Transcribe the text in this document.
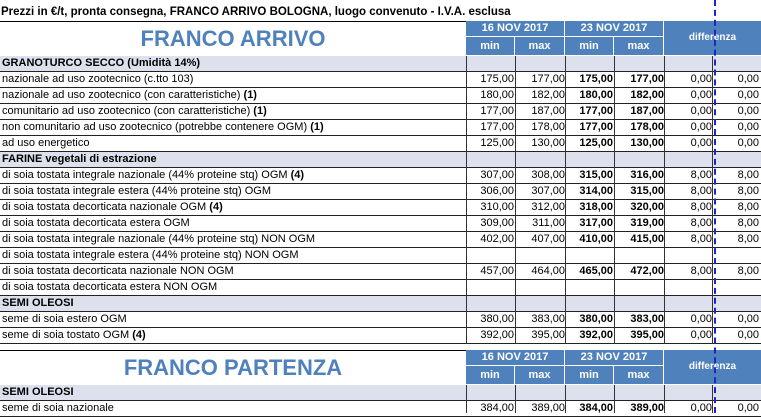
Prezzi in €/t, pronta consegna, FRANCO ARRIVO BOLOGNA, luogo convenuto - I.V.A. esclusa
FRANCO ARRIVO	16 NOV 2017	23 NOV 2017
differenza
min	max	min	max
GRANOTURCO SECCO (Umidità 14%)
nazionale ad uso zootecnico (c.tto 103)	175,00	177,00	175,00	177,00	0,00	0,00
nazionale ad uso zootecnico (con caratteristiche) (1)	180,00	182,00	180,00	182,00	0,00	0,00
comunitario ad uso zootecnico (con caratteristiche) (1)	177,00	187,00	177,00	187,00	0,00	0,00
non comunitario ad uso zootecnico (potrebbe contenere OGM) (1)	177,00	178,00	177,00	178,00	0,00	0,00
ad uso energetico	125,00	130,00	125,00	130,00	0,00	0,00
FARINE vegetali di estrazione
di soia tostata integrale nazionale (44% proteine stq) OGM (4)	307,00	308,00	315,00	316,00	8,00	8,00
di soia tostata integrale estera (44% proteine stq) OGM	306,00	307,00	314,00	315,00	8,00	8,00
di soia tostata decorticata nazionale OGM (4)	310,00	312,00	318,00	320,00	8,00	8,00
di soia tostata decorticata estera OGM	309,00	311,00	317,00	319,00	8,00	8,00
di soia tostata integrale nazionale (44% proteine stq) NON OGM	402,00	407,00	410,00	415,00	8,00	8,00
di soia tostata integrale estera (44% proteine stq) NON OGM
di soia tostata decorticata nazionale NON OGM	457,00	464,00	465,00	472,00	8,00	8,00
di soia tostata decorticata estera NON OGM
SEMI OLEOSI
seme di soia estero OGM	380,00	383,00	380,00	383,00	0,00	0,00
seme di soia tostato OGM (4)	392,00	395,00	392,00	395,00	0,00	0,00
FRANCO PARTENZA	16 NOV 2017	23 NOV 2017
differenza
min	max	min	max
SEMI OLEOSI
seme di soia nazionale	384,00	389,00	384,00	389,00	0,00	0,00
